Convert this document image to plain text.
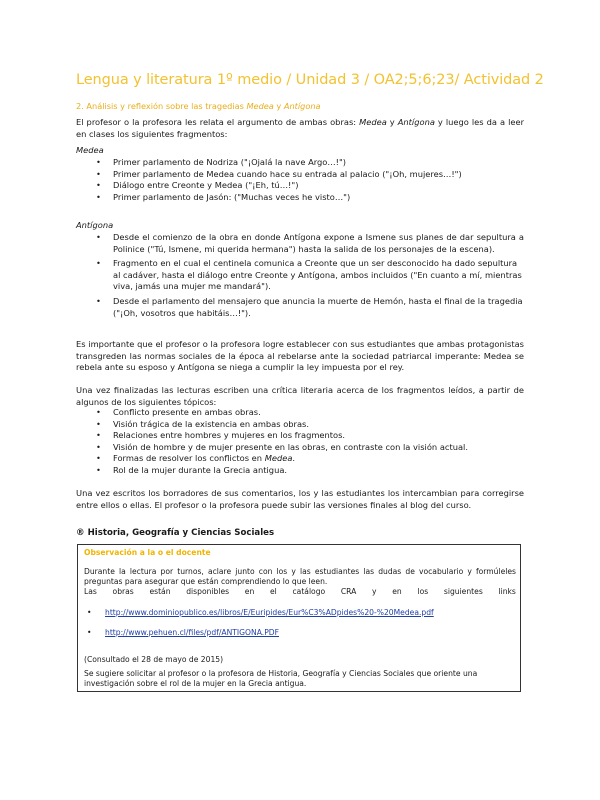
Lengua y literatura 1º medio / Unidad 3 / OA2;5;6;23/ Actividad 2
2. Análisis y reflexión sobre las tragedias Medea y Antígona
El profesor o la profesora les relata el argumento de ambas obras: Medea y Antígona y luego les da a leer en clases los siguientes fragmentos:
Medea
• Primer parlamento de Nodriza ("¡Ojalá la nave Argo…!")
• Primer parlamento de Medea cuando hace su entrada al palacio ("¡Oh, mujeres…!")
• Diálogo entre Creonte y Medea ("¡Eh, tú…!")
• Primer parlamento de Jasón: ("Muchas veces he visto…")
Antígona
• Desde el comienzo de la obra en donde Antígona expone a Ismene sus planes de dar sepultura a Polinice ("Tú, Ismene, mi querida hermana") hasta la salida de los personajes de la escena).
• Fragmento en el cual el centinela comunica a Creonte que un ser desconocido ha dado sepultura al cadáver, hasta el diálogo entre Creonte y Antígona, ambos incluidos ("En cuanto a mí, mientras viva, jamás una mujer me mandará").
• Desde el parlamento del mensajero que anuncia la muerte de Hemón, hasta el final de la tragedia ("¡Oh, vosotros que habitáis…!").
Es importante que el profesor o la profesora logre establecer con sus estudiantes que ambas protagonistas transgreden las normas sociales de la época al rebelarse ante la sociedad patriarcal imperante: Medea se rebela ante su esposo y Antígona se niega a cumplir la ley impuesta por el rey.
Una vez finalizadas las lecturas escriben una crítica literaria acerca de los fragmentos leídos, a partir de algunos de los siguientes tópicos:
• Conflicto presente en ambas obras.
• Visión trágica de la existencia en ambas obras.
• Relaciones entre hombres y mujeres en los fragmentos.
• Visión de hombre y de mujer presente en las obras, en contraste con la visión actual.
• Formas de resolver los conflictos en Medea.
• Rol de la mujer durante la Grecia antigua.
Una vez escritos los borradores de sus comentarios, los y las estudiantes los intercambian para corregirse entre ellos o ellas. El profesor o la profesora puede subir las versiones finales al blog del curso.
® Historia, Geografía y Ciencias Sociales
Observación a la o el docente
Durante la lectura por turnos, aclare junto con los y las estudiantes las dudas de vocabulario y formúleles preguntas para asegurar que están comprendiendo lo que leen.
Las obras están disponibles en el catálogo CRA y en los siguientes links
• http://www.dominiopublico.es/libros/E/Euripides/Eur%C3%ADpides%20-%20Medea.pdf
• http://www.pehuen.cl/files/pdf/ANTIGONA.PDF
(Consultado el 28 de mayo de 2015)
Se sugiere solicitar al profesor o la profesora de Historia, Geografía y Ciencias Sociales que oriente una investigación sobre el rol de la mujer en la Grecia antigua.
